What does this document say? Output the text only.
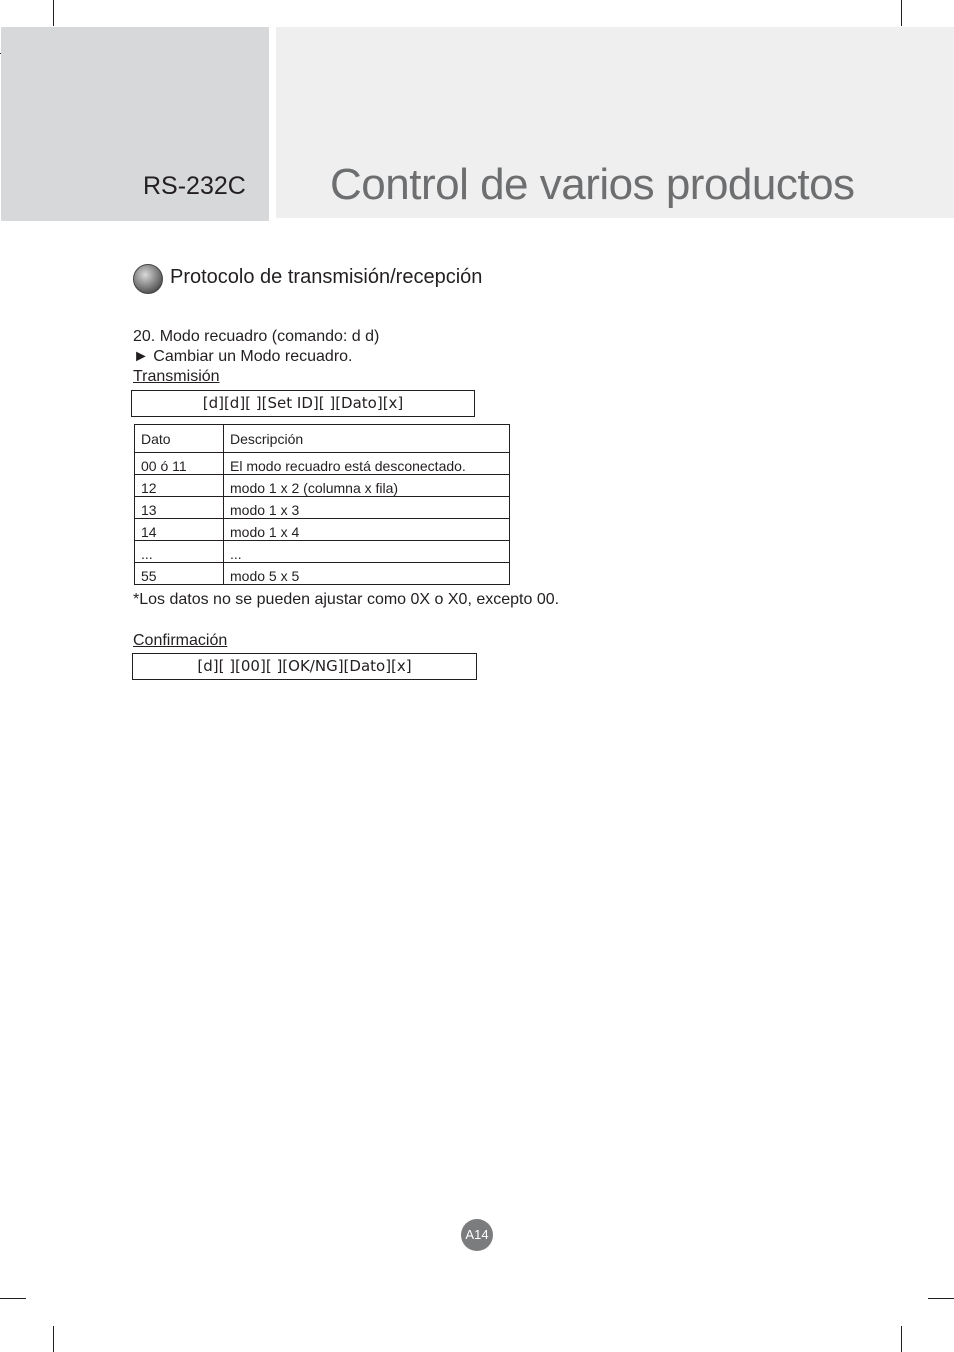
RS-232C Control de varios productos
Protocolo de transmisión/recepción
20. Modo recuadro (comando: d d)
► Cambiar un Modo recuadro.
Transmisión
[d][d][ ][Set ID][ ][Dato][x]
Dato	Descripción
00 ó 11	El modo recuadro está desconectado.
12	modo 1 x 2 (columna x fila)
13	modo 1 x 3
14	modo 1 x 4
...	...
55	modo 5 x 5
*Los datos no se pueden ajustar como 0X o X0, excepto 00.
Confirmación
[d][ ][00][ ][OK/NG][Dato][x]
A14
